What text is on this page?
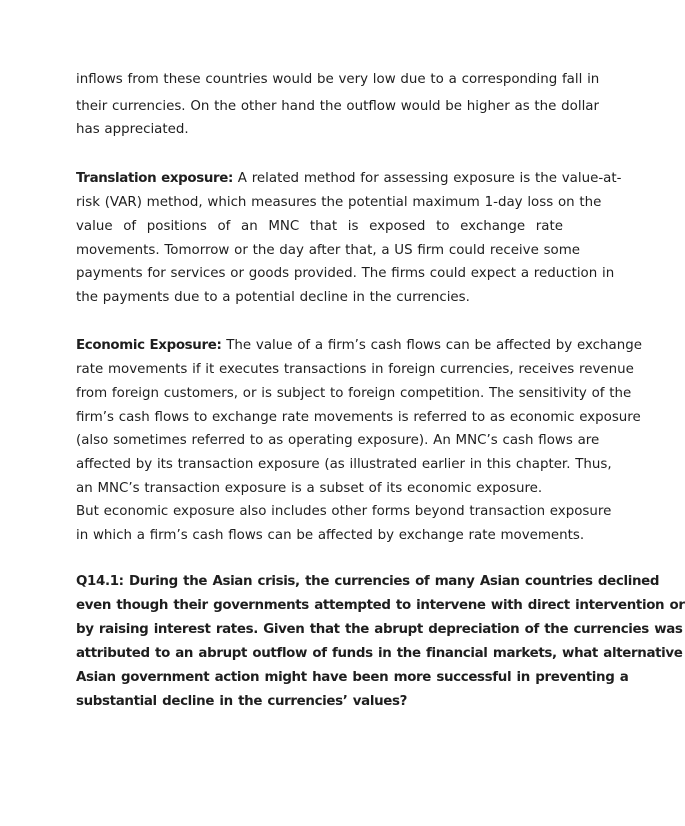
inflows from these countries would be very low due to a corresponding fall in
their currencies. On the other hand the outflow would be higher as the dollar
has appreciated.
Translation exposure: A related method for assessing exposure is the value-at-
risk (VAR) method, which measures the potential maximum 1-day loss on the
value of positions of an MNC that is exposed to exchange rate
movements. Tomorrow or the day after that, a US firm could receive some
payments for services or goods provided. The firms could expect a reduction in
the payments due to a potential decline in the currencies.
Economic Exposure: The value of a firm’s cash flows can be affected by exchange
rate movements if it executes transactions in foreign currencies, receives revenue
from foreign customers, or is subject to foreign competition. The sensitivity of the
firm’s cash flows to exchange rate movements is referred to as economic exposure
(also sometimes referred to as operating exposure). An MNC’s cash flows are
affected by its transaction exposure (as illustrated earlier in this chapter. Thus,
an MNC’s transaction exposure is a subset of its economic exposure.
But economic exposure also includes other forms beyond transaction exposure
in which a firm’s cash flows can be affected by exchange rate movements.
Q14.1: During the Asian crisis, the currencies of many Asian countries declined
even though their governments attempted to intervene with direct intervention or
by raising interest rates. Given that the abrupt depreciation of the currencies was
attributed to an abrupt outflow of funds in the financial markets, what alternative
Asian government action might have been more successful in preventing a
substantial decline in the currencies’ values?
